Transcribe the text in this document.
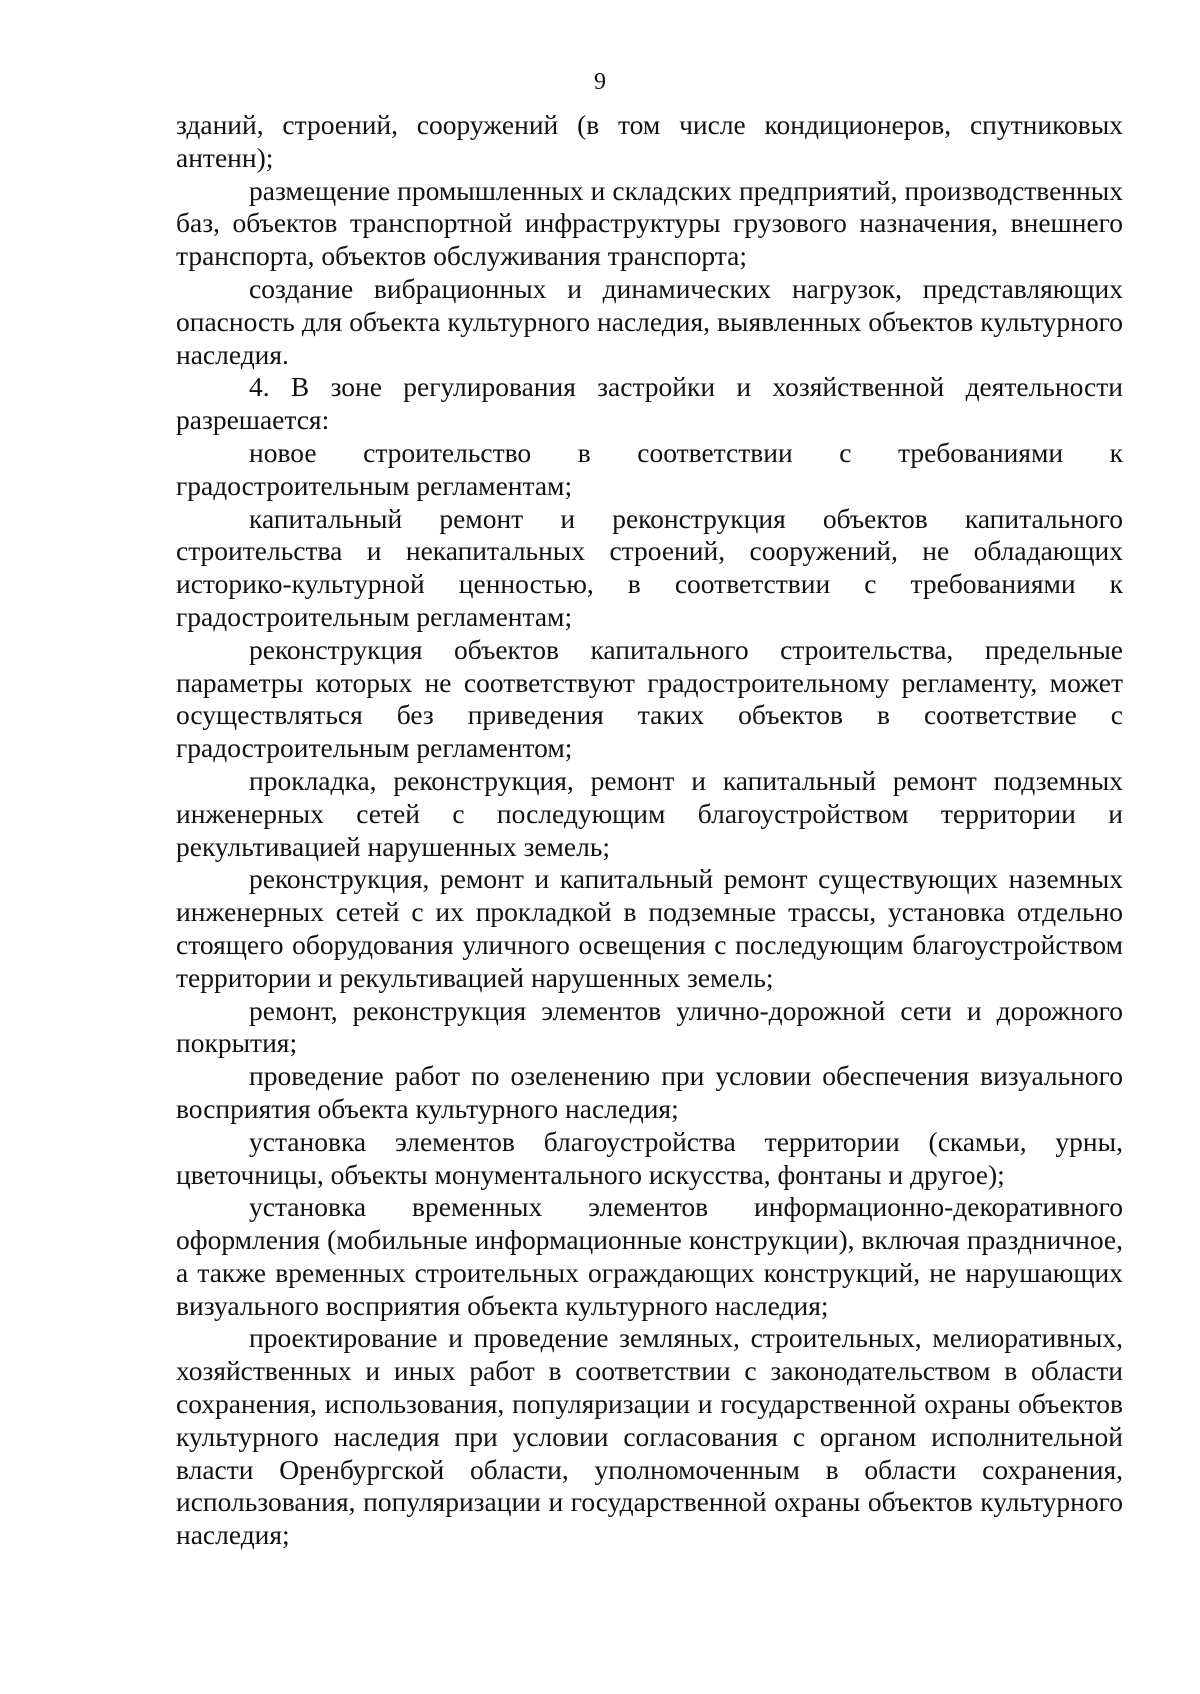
9

зданий, строений, сооружений (в том числе кондиционеров, спутниковых антенн);

размещение промышленных и складских предприятий, производственных баз, объектов транспортной инфраструктуры грузового назначения, внешнего транспорта, объектов обслуживания транспорта;

создание вибрационных и динамических нагрузок, представляющих опасность для объекта культурного наследия, выявленных объектов культурного наследия.

4. В зоне регулирования застройки и хозяйственной деятельности разрешается:

новое строительство в соответствии с требованиями к градостроительным регламентам;

капитальный ремонт и реконструкция объектов капитального строительства и некапитальных строений, сооружений, не обладающих историко-культурной ценностью, в соответствии с требованиями к градостроительным регламентам;

реконструкция объектов капитального строительства, предельные параметры которых не соответствуют градостроительному регламенту, может осуществляться без приведения таких объектов в соответствие с градостроительным регламентом;

прокладка, реконструкция, ремонт и капитальный ремонт подземных инженерных сетей с последующим благоустройством территории и рекультивацией нарушенных земель;

реконструкция, ремонт и капитальный ремонт существующих наземных инженерных сетей с их прокладкой в подземные трассы, установка отдельно стоящего оборудования уличного освещения с последующим благоустройством территории и рекультивацией нарушенных земель;

ремонт, реконструкция элементов улично-дорожной сети и дорожного покрытия;

проведение работ по озеленению при условии обеспечения визуального восприятия объекта культурного наследия;

установка элементов благоустройства территории (скамьи, урны, цветочницы, объекты монументального искусства, фонтаны и другое);

установка временных элементов информационно-декоративного оформления (мобильные информационные конструкции), включая праздничное, а также временных строительных ограждающих конструкций, не нарушающих визуального восприятия объекта культурного наследия;

проектирование и проведение земляных, строительных, мелиоративных, хозяйственных и иных работ в соответствии с законодательством в области сохранения, использования, популяризации и государственной охраны объектов культурного наследия при условии согласования с органом исполнительной власти Оренбургской области, уполномоченным в области сохранения, использования, популяризации и государственной охраны объектов культурного наследия;
